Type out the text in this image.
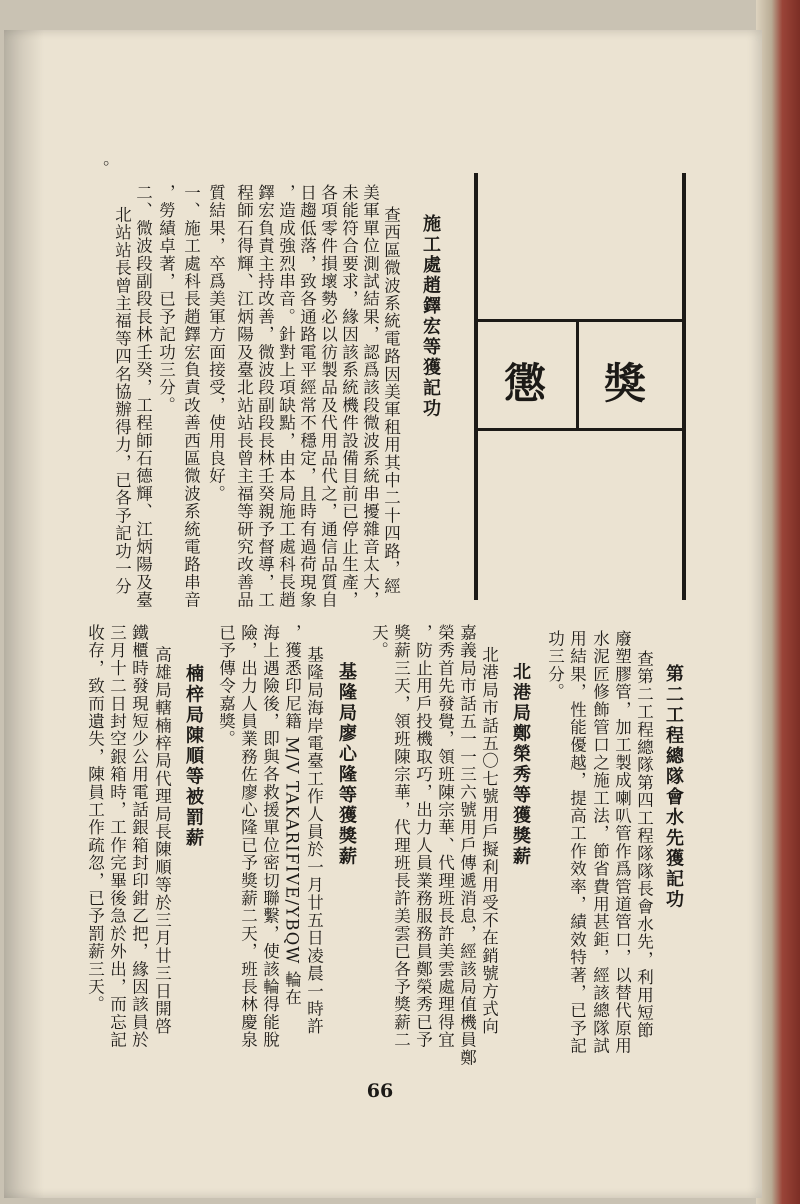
懲 獎
施工處趙鐸宏等獲記功
查西區微波系統電路因美軍租用其中二十四路，經
美軍單位測試結果，認爲該段微波系統串擾雜音太大，
未能符合要求，緣因該系統機件設備目前已停止生產，
各項零件損壞勢必以彷製品及代用品代之，通信品質自
日趨低落，致各通路電平經常不穩定，且時有過荷現象
，造成強烈串音。針對上項缺點，由本局施工處科長趙
鐸宏負責主持改善，微波段副段長林壬癸親予督導，工
程師石得輝、江炳陽及臺北站站長曾主福等研究改善品
質結果，卒爲美軍方面接受，使用良好。
一、施工處科長趙鐸宏負責改善西區微波系統電路串音
，勞績卓著，已予記功三分。
二、微波段副段長林壬癸，工程師石德輝、江炳陽及臺
北站站長曾主福等四名協辦得力，已各予記功一分
。
第二工程總隊會水先獲記功
查第二工程總隊第四工程隊隊長會水先，利用短節
廢塑膠管，加工製成喇叭管作爲管道管口，以替代原用
水泥匠修飾管口之施工法，節省費用甚鉅，經該總隊試
用結果，性能優越，提高工作效率，績效特著，已予記
功三分。
北港局鄭榮秀等獲獎薪
北港局市話五〇七號用戶擬利用受不在銷號方式向
嘉義局市話五一一三六號用戶傳遞消息，經該局值機員鄭
榮秀首先發覺，領班陳宗華、代理班長許美雲處理得宜
，防止用戶投機取巧，出力人員業務服務員鄭榮秀已予
獎薪三天，領班陳宗華，代理班長許美雲已各予獎薪二
天。
基隆局廖心隆等獲獎薪
基隆局海岸電臺工作人員於一月廿五日凌晨一時許
，獲悉印尼籍 M/V TAKARIFIVE/YBQW 輪在
海上遇險後，即與各救援單位密切聯繫，使該輪得能脫
險，出力人員業務佐廖心隆已予獎薪二天，班長林慶泉
已予傳令嘉獎。
楠梓局陳順等被罰薪
高雄局轄楠梓局代理局長陳順等於三月廿三日開啓
鐵櫃時發現短少公用電話銀箱封印鉗乙把，緣因該員於
三月十二日封空銀箱時，工作完畢後急於外出，而忘記
收存，致而遺失，陳員工作疏忽，已予罰薪三天。
66
